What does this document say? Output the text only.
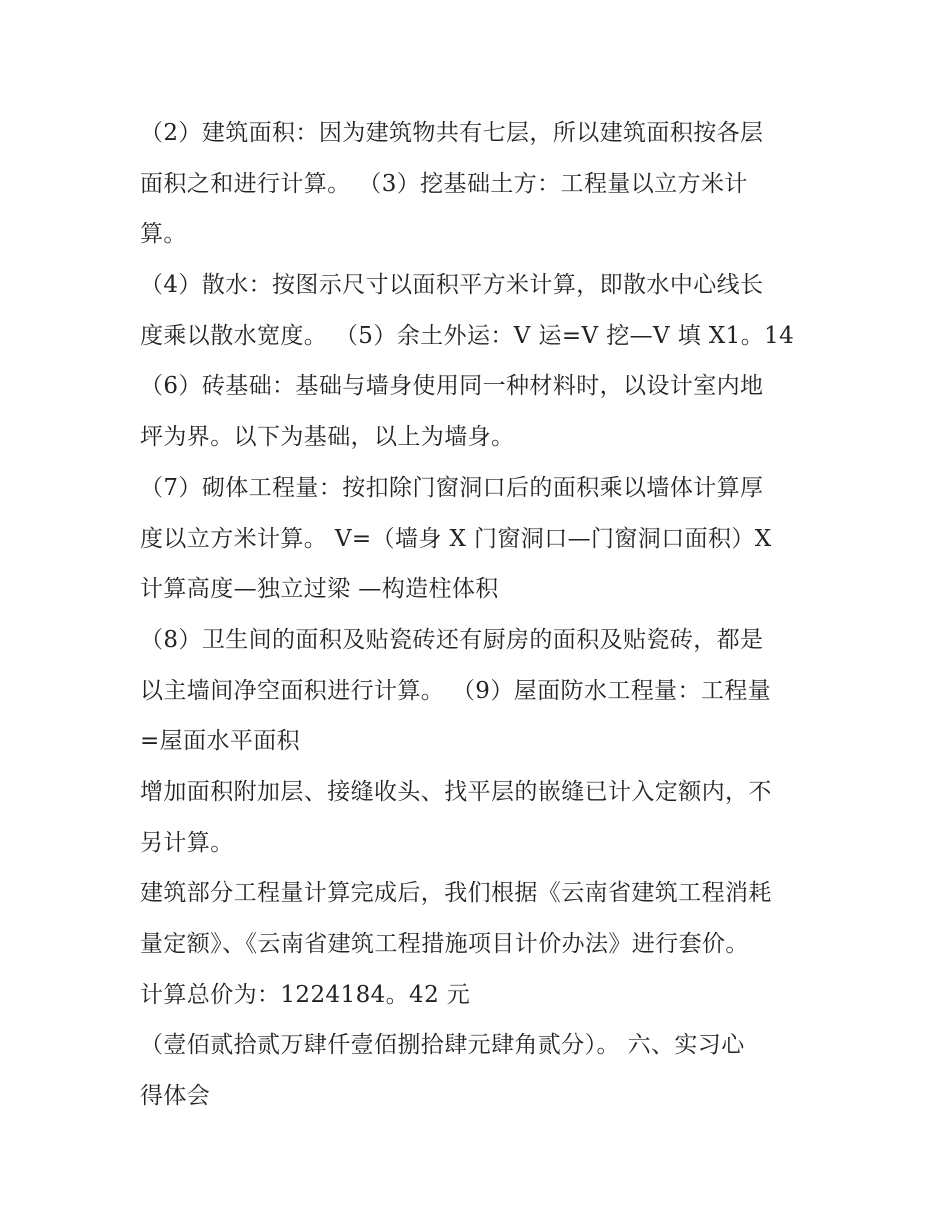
（2）建筑面积：因为建筑物共有七层，所以建筑面积按各层
面积之和进行计算。 （3）挖基础土方：工程量以立方米计
算。
（4）散水：按图示尺寸以面积平方米计算，即散水中心线长
度乘以散水宽度。 （5）余土外运：V 运=V 挖—V 填 X1。14
（6）砖基础：基础与墙身使用同一种材料时，以设计室内地
坪为界。以下为基础，以上为墙身。
（7）砌体工程量：按扣除门窗洞口后的面积乘以墙体计算厚
度以立方米计算。 V=（墙身 X 门窗洞口—门窗洞口面积）X
计算高度—独立过梁 —构造柱体积
（8）卫生间的面积及贴瓷砖还有厨房的面积及贴瓷砖，都是
以主墙间净空面积进行计算。 （9）屋面防水工程量：工程量
=屋面水平面积
增加面积附加层、接缝收头、找平层的嵌缝已计入定额内，不
另计算。
建筑部分工程量计算完成后，我们根据《云南省建筑工程消耗
量定额》、《云南省建筑工程措施项目计价办法》进行套价。
计算总价为：1224184。42 元
（壹佰贰拾贰万肆仟壹佰捌拾肆元肆角贰分）。 六、实习心
得体会
